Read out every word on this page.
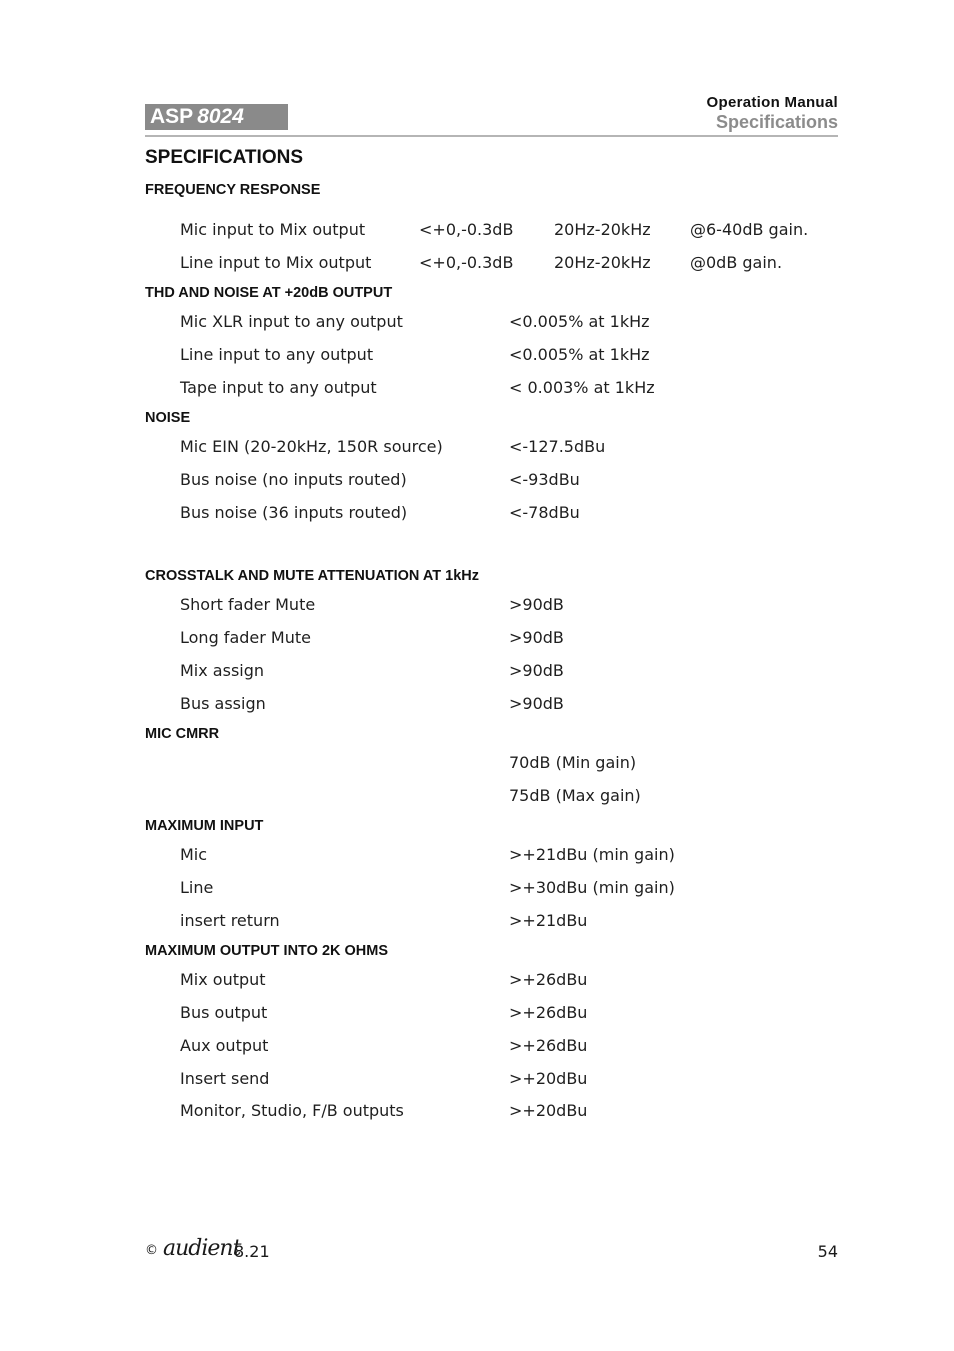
ASP 8024
Operation Manual
Specifications
SPECIFICATIONS
FREQUENCY RESPONSE
Mic input to Mix output	<+0,-0.3dB	20Hz-20kHz @6-40dB gain.
Line input to Mix output	<+0,-0.3dB	20Hz-20kHz @0dB gain.
THD AND NOISE AT +20dB OUTPUT
Mic XLR input to any output	<0.005% at 1kHz
Line input to any output	<0.005% at 1kHz
Tape input to any output	< 0.003% at 1kHz
NOISE
Mic EIN (20-20kHz, 150R source)	<-127.5dBu
Bus noise (no inputs routed)	<-93dBu
Bus noise (36 inputs routed)	<-78dBu
CROSSTALK AND MUTE ATTENUATION AT 1kHz
Short fader Mute	>90dB
Long fader Mute	>90dB
Mix assign	>90dB
Bus assign	>90dB
MIC CMRR
70dB (Min gain)
75dB (Max gain)
MAXIMUM INPUT
Mic	>+21dBu (min gain)
Line	>+30dBu (min gain)
insert return	>+21dBu
MAXIMUM OUTPUT INTO 2K OHMS
Mix output	>+26dBu
Bus output	>+26dBu
Aux output	>+26dBu
Insert send	>+20dBu
Monitor, Studio, F/B outputs	>+20dBu
© audient
8.21	54
